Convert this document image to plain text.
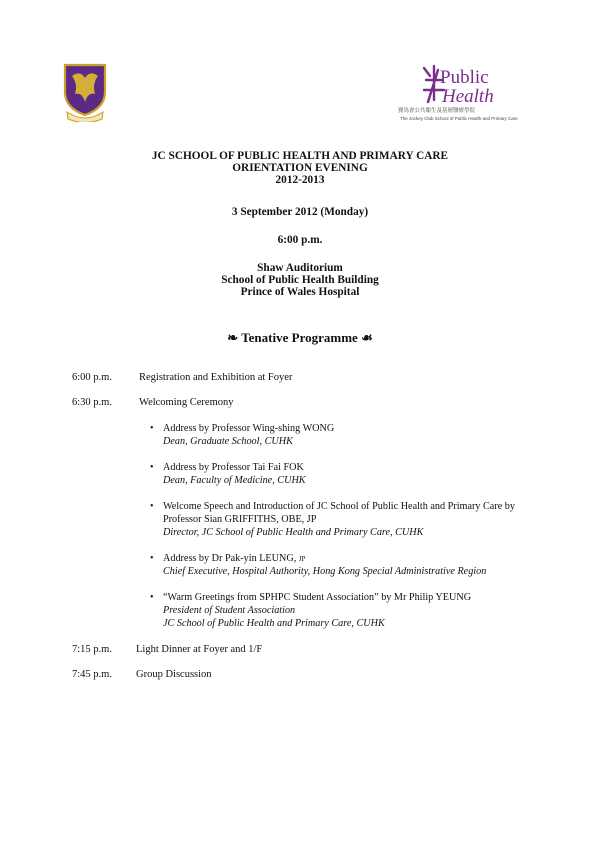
Public
Health
賽馬會公共衞生及基層醫療學院
The Jockey Club School of Public Health and Primary Care
JC SCHOOL OF PUBLIC HEALTH AND PRIMARY CARE
ORIENTATION EVENING
2012-2013
3 September 2012 (Monday)
6:00 p.m.
Shaw Auditorium
School of Public Health Building
Prince of Wales Hospital
❧ Tenative Programme ☙
6:00 p.m.	Registration and Exhibition at Foyer
6:30 p.m.	Welcoming Ceremony
• Address by Professor Wing-shing WONG
Dean, Graduate School, CUHK
• Address by Professor Tai Fai FOK
Dean, Faculty of Medicine, CUHK
• Welcome Speech and Introduction of JC School of Public Health and Primary Care by
Professor Sian GRIFFITHS, OBE, JP
Director, JC School of Public Health and Primary Care, CUHK
• Address by Dr Pak-yin LEUNG, JP
Chief Executive, Hospital Authority, Hong Kong Special Administrative Region
• “Warm Greetings from SPHPC Student Association” by Mr Philip YEUNG
President of Student Association
JC School of Public Health and Primary Care, CUHK
7:15 p.m. Light Dinner at Foyer and 1/F
7:45 p.m. Group Discussion
